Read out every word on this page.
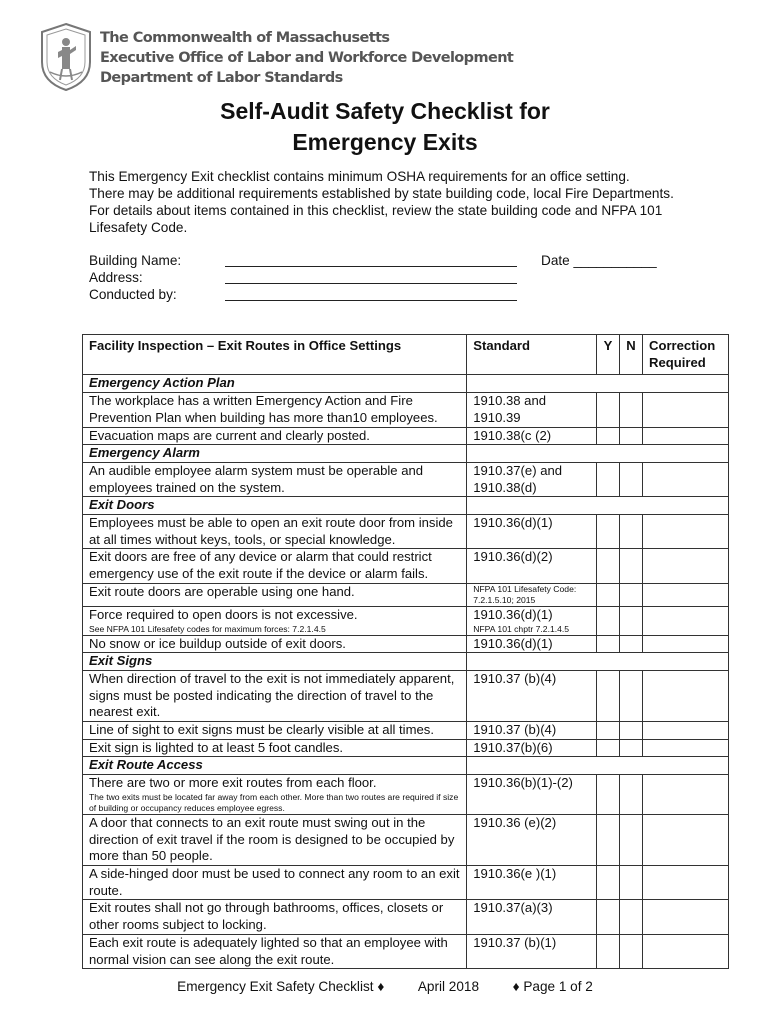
The Commonwealth of Massachusetts
Executive Office of Labor and Workforce Development
Department of Labor Standards
Self-Audit Safety Checklist for
Emergency Exits

This Emergency Exit checklist contains minimum OSHA requirements for an office setting.

There may be additional requirements established by state building code, local Fire Departments.

For details about items contained in this checklist, review the state building code and NFPA 101

Lifesafety Code.

Building Name:	Date ___________
Address:
Conducted by:
Facility Inspection – Exit Routes in Office Settings	Standard	Y	N	Correction Required
Emergency Action Plan				
The workplace has a written Emergency Action and Fire Prevention Plan when building has more than10 employees.	1910.38 and 1910.39			
Evacuation maps are current and clearly posted.	1910.38(c (2)			
Emergency Alarm				
An audible employee alarm system must be operable and employees trained on the system.	1910.37(e) and 1910.38(d)			
Exit Doors				
Employees must be able to open an exit route door from inside at all times without keys, tools, or special knowledge.	1910.36(d)(1)			
Exit doors are free of any device or alarm that could restrict emergency use of the exit route if the device or alarm fails.	1910.36(d)(2)			
Exit route doors are operable using one hand.	NFPA 101 Lifesafety Code: 7.2.1.5.10; 2015			

Force required to open doors is not excessive.
See NFPA 101 Lifesafety codes for maximum forces: 7.2.1.4.5	1910.36(d)(1)
NFPA 101 chptr 7.2.1.4.5			

No snow or ice buildup outside of exit doors.	1910.36(d)(1)			
Exit Signs				
When direction of travel to the exit is not immediately apparent, signs must be posted indicating the direction of travel to the nearest exit.	1910.37 (b)(4)			
Line of sight to exit signs must be clearly visible at all times.	1910.37 (b)(4)			
Exit sign is lighted to at least 5 foot candles.	1910.37(b)(6)			
Exit Route Access				

There are two or more exit routes from each floor.
The two exits must be located far away from each other. More than two routes are required if size of building or occupancy reduces employee egress.	1910.36(b)(1)-(2)			
A door that connects to an exit route must swing out in the direction of exit travel if the room is designed to be occupied by more than 50 people.	1910.36 (e)(2)			
A side-hinged door must be used to connect any room to an exit route.	1910.36(e )(1)			
Exit routes shall not go through bathrooms, offices, closets or other rooms subject to locking.	1910.37(a)(3)			
Each exit route is adequately lighted so that an employee with normal vision can see along the exit route.	1910.37 (b)(1)			
Emergency Exit Safety Checklist ♦ April 2018 ♦ Page 1 of 2
